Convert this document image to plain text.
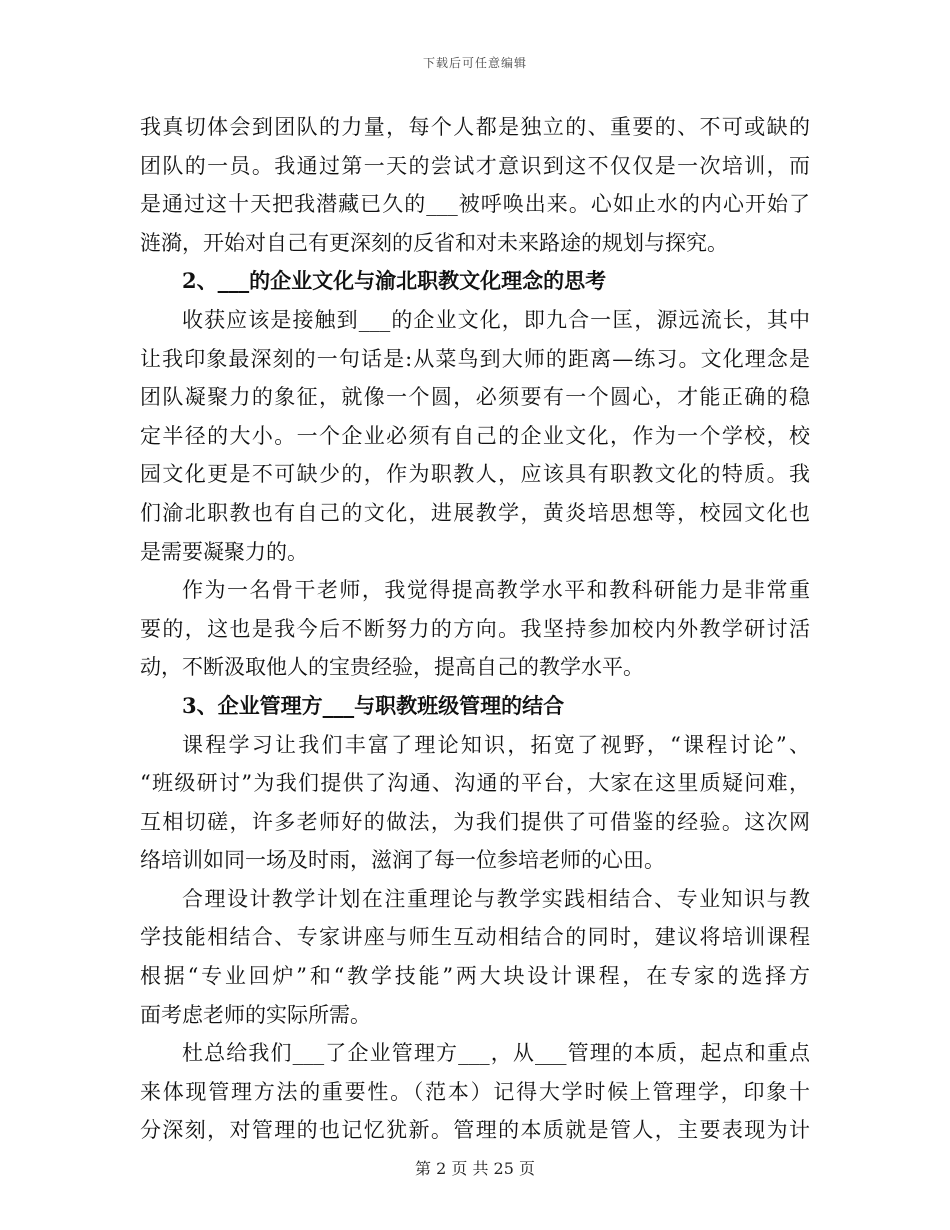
下载后可任意编辑
我真切体会到团队的力量，每个人都是独立的、重要的、不可或缺的
团队的一员。我通过第一天的尝试才意识到这不仅仅是一次培训，而
是通过这十天把我潜藏已久的___被呼唤出来。心如止水的内心开始了
涟漪，开始对自己有更深刻的反省和对未来路途的规划与探究。
2、___的企业文化与渝北职教文化理念的思考
收获应该是接触到___的企业文化，即九合一匡，源远流长，其中
让我印象最深刻的一句话是:从菜鸟到大师的距离—练习。文化理念是
团队凝聚力的象征，就像一个圆，必须要有一个圆心，才能正确的稳
定半径的大小。一个企业必须有自己的企业文化，作为一个学校，校
园文化更是不可缺少的，作为职教人，应该具有职教文化的特质。我
们渝北职教也有自己的文化，进展教学，黄炎培思想等，校园文化也
是需要凝聚力的。
作为一名骨干老师，我觉得提高教学水平和教科研能力是非常重
要的，这也是我今后不断努力的方向。我坚持参加校内外教学研讨活
动，不断汲取他人的宝贵经验，提高自己的教学水平。
3、企业管理方___与职教班级管理的结合
课程学习让我们丰富了理论知识，拓宽了视野，“课程讨论”、
“班级研讨”为我们提供了沟通、沟通的平台，大家在这里质疑问难，
互相切磋，许多老师好的做法，为我们提供了可借鉴的经验。这次网
络培训如同一场及时雨，滋润了每一位参培老师的心田。
合理设计教学计划在注重理论与教学实践相结合、专业知识与教
学技能相结合、专家讲座与师生互动相结合的同时，建议将培训课程
根据“专业回炉”和“教学技能”两大块设计课程，在专家的选择方
面考虑老师的实际所需。
杜总给我们___了企业管理方___，从___管理的本质，起点和重点
来体现管理方法的重要性。（范本）记得大学时候上管理学，印象十
分深刻，对管理的也记忆犹新。管理的本质就是管人，主要表现为计
第 2 页 共 25 页
